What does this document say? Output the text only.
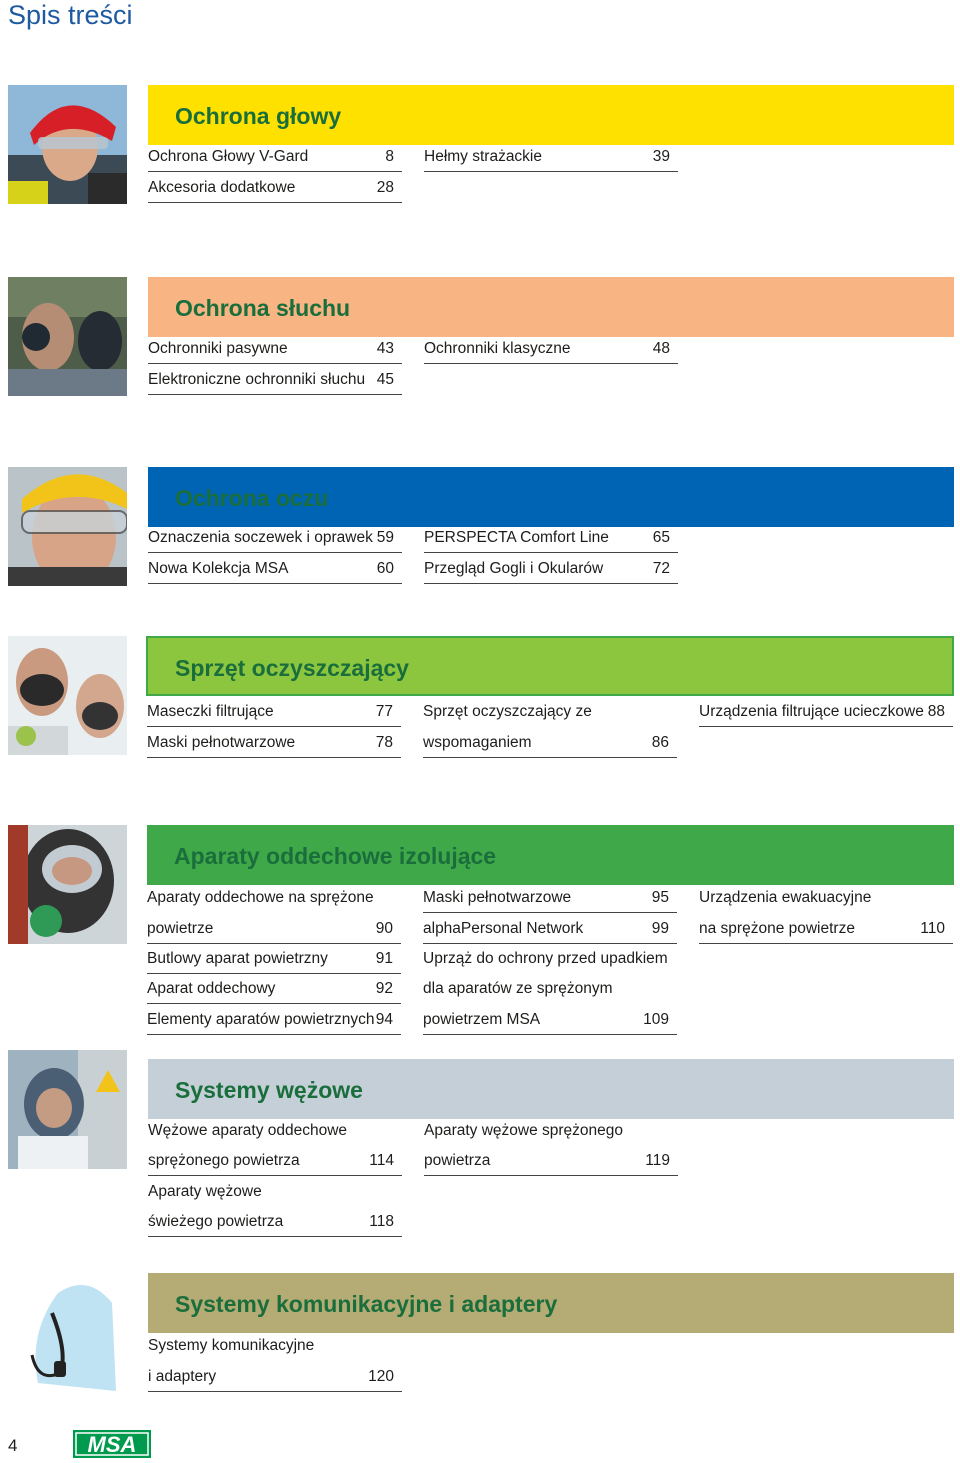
Spis treści
Ochrona głowy
Ochrona Głowy V-Gard	8
Akcesoria dodatkowe	28
Hełmy strażackie	39
Ochrona słuchu
Ochronniki pasywne	43
Elektroniczne ochronniki słuchu 45
Ochronniki klasyczne	48
Ochrona oczu
Oznaczenia soczewek i oprawek 59
Nowa Kolekcja MSA	60
PERSPECTA Comfort Line	65
Przegląd Gogli i Okularów	72
Sprzęt oczyszczający
Maseczki filtrujące	77
Maski pełnotwarzowe	78
Sprzęt oczyszczający ze
wspomaganiem	86
Urządzenia filtrujące ucieczkowe 88
Aparaty oddechowe izolujące
Aparaty oddechowe na sprężone
powietrze	90
Butlowy aparat powietrzny	91
Aparat oddechowy	92
Elementy aparatów powietrznych 94
Maski pełnotwarzowe	95
alphaPersonal Network	99
Uprząż do ochrony przed upadkiem
dla aparatów ze sprężonym
powietrzem MSA	109
Urządzenia ewakuacyjne
na sprężone powietrze	110
Systemy wężowe
Wężowe aparaty oddechowe
sprężonego powietrza	114
Aparaty wężowe
świeżego powietrza	118
Aparaty wężowe sprężonego
powietrza	119
Systemy komunikacyjne i adaptery
Systemy komunikacyjne
i adaptery	120
4	MSA
